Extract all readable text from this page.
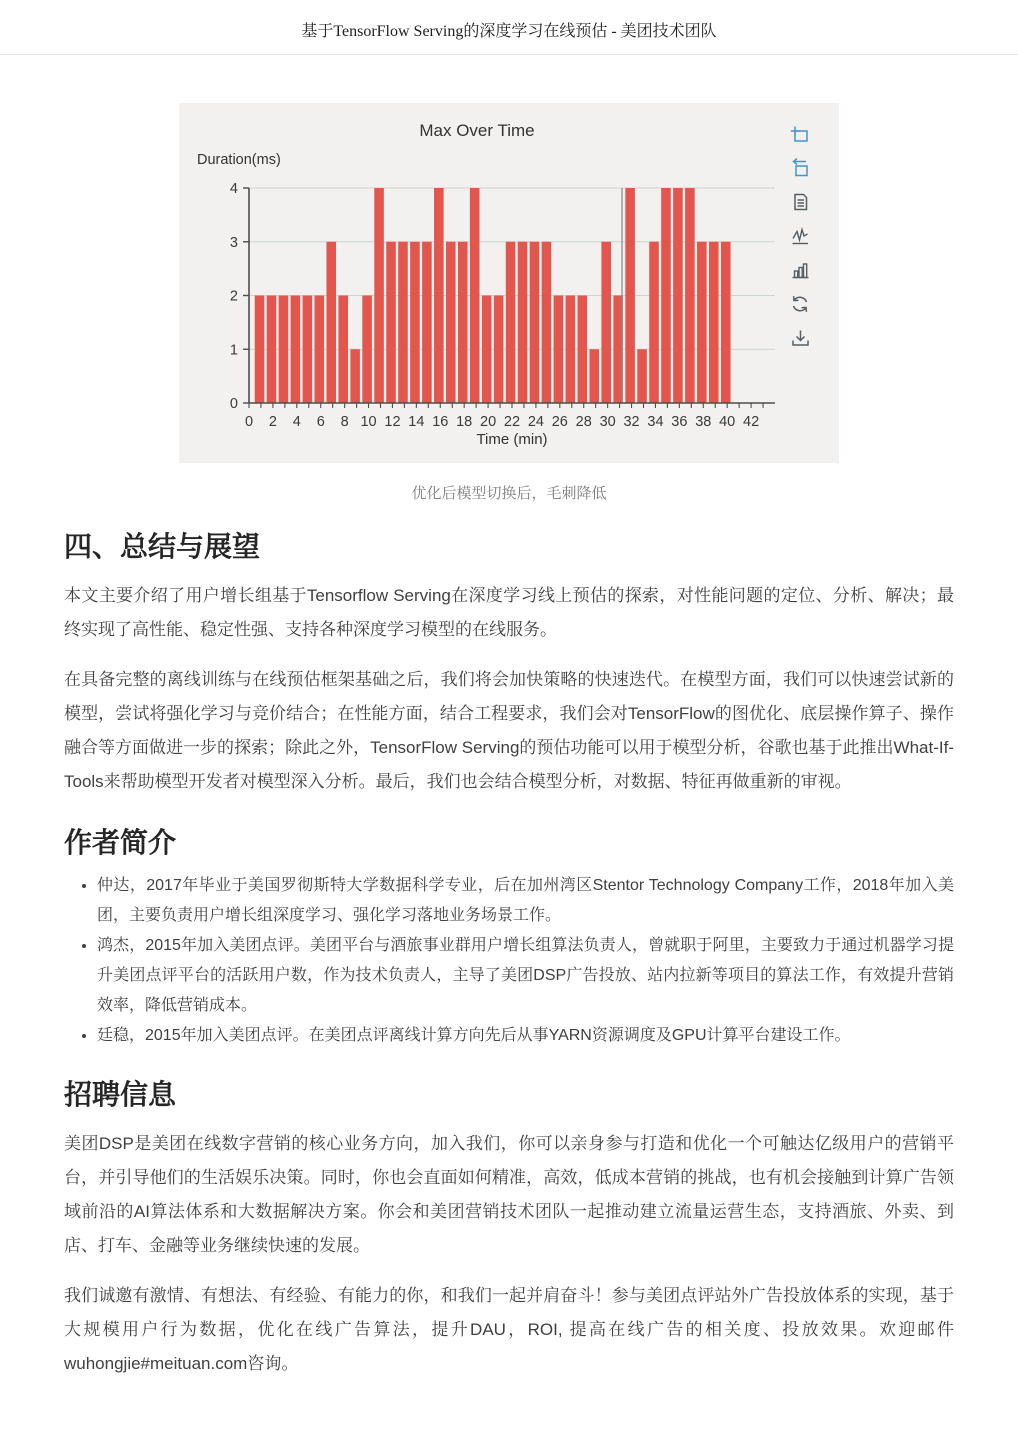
基于TensorFlow Serving的深度学习在线预估 - 美团技术团队
0
1
2
3
4
0 2 4 6 8 10 12 14 16 18 20 22 24 26 28 30 32 34 36 38 40 42
Max Over Time
Duration(ms)
Time (min)
优化后模型切换后，毛刺降低
四、总结与展望

本文主要介绍了用户增长组基于Tensorflow Serving在深度学习线上预估的探索，对性能问题的定位、分析、解决；最终实现了高性能、稳定性强、支持各种深度学习模型的在线服务。

在具备完整的离线训练与在线预估框架基础之后，我们将会加快策略的快速迭代。在模型方面，我们可以快速尝试新的模型，尝试将强化学习与竞价结合；在性能方面，结合工程要求，我们会对TensorFlow的图优化、底层操作算子、操作融合等方面做进一步的探索；除此之外，TensorFlow Serving的预估功能可以用于模型分析，谷歌也基于此推出What-If-Tools来帮助模型开发者对模型深入分析。最后，我们也会结合模型分析，对数据、特征再做重新的审视。

作者简介
• 仲达，2017年毕业于美国罗彻斯特大学数据科学专业，后在加州湾区Stentor Technology Company工作，2018年加入美团，主要负责用户增长组深度学习、强化学习落地业务场景工作。
• 鸿杰，2015年加入美团点评。美团平台与酒旅事业群用户增长组算法负责人，曾就职于阿里，主要致力于通过机器学习提升美团点评平台的活跃用户数，作为技术负责人，主导了美团DSP广告投放、站内拉新等项目的算法工作，有效提升营销效率，降低营销成本。
• 廷稳，2015年加入美团点评。在美团点评离线计算方向先后从事YARN资源调度及GPU计算平台建设工作。
招聘信息

美团DSP是美团在线数字营销的核心业务方向，加入我们，你可以亲身参与打造和优化一个可触达亿级用户的营销平台，并引导他们的生活娱乐决策。同时，你也会直面如何精准，高效，低成本营销的挑战，也有机会接触到计算广告领域前沿的AI算法体系和大数据解决方案。你会和美团营销技术团队一起推动建立流量运营生态，支持酒旅、外卖、到店、打车、金融等业务继续快速的发展。

我们诚邀有激情、有想法、有经验、有能力的你，和我们一起并肩奋斗！参与美团点评站外广告投放体系的实现，基于大规模用户行为数据，优化在线广告算法，提升DAU，ROI, 提高在线广告的相关度、投放效果。欢迎邮件wuhongjie#meituan.com咨询。
